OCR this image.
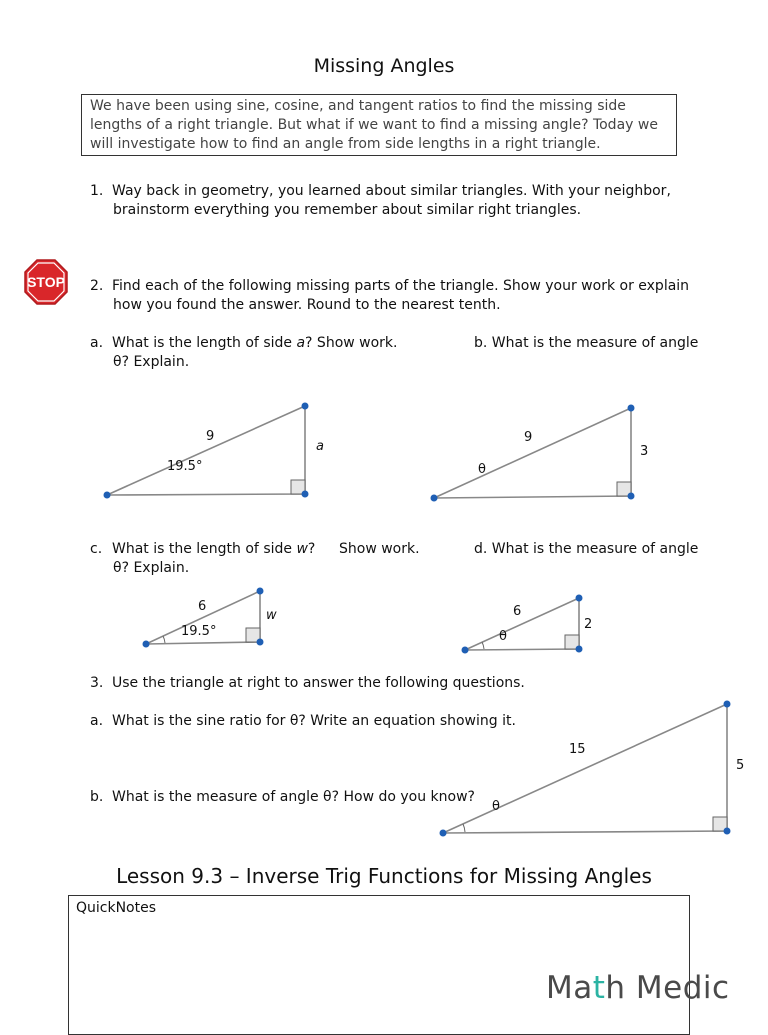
Missing Angles
We have been using sine, cosine, and tangent ratios to find the missing side lengths of a right triangle. But what if we want to find a missing angle? Today we will investigate how to find an angle from side lengths in a right triangle.
1. Way back in geometry, you learned about similar triangles. With your neighbor,
brainstorm everything you remember about similar right triangles.
STOP 2. Find each of the following missing parts of the triangle. Show your work or explain
how you found the answer. Round to the nearest tenth.
a. What is the length of side a? Show work.	b. What is the measure of angle
θ? Explain.
9
19.5°
a
9
θ
3
c. What is the length of side w? Show work.	d. What is the measure of angle
θ? Explain.
6
19.5°
w	6
θ
2
3. Use the triangle at right to answer the following questions.
a. What is the sine ratio for θ? Write an equation showing it.
b. What is the measure of angle θ? How do you know?
15
θ
5
Lesson 9.3 – Inverse Trig Functions for Missing Angles
QuickNotes
Math Medic
